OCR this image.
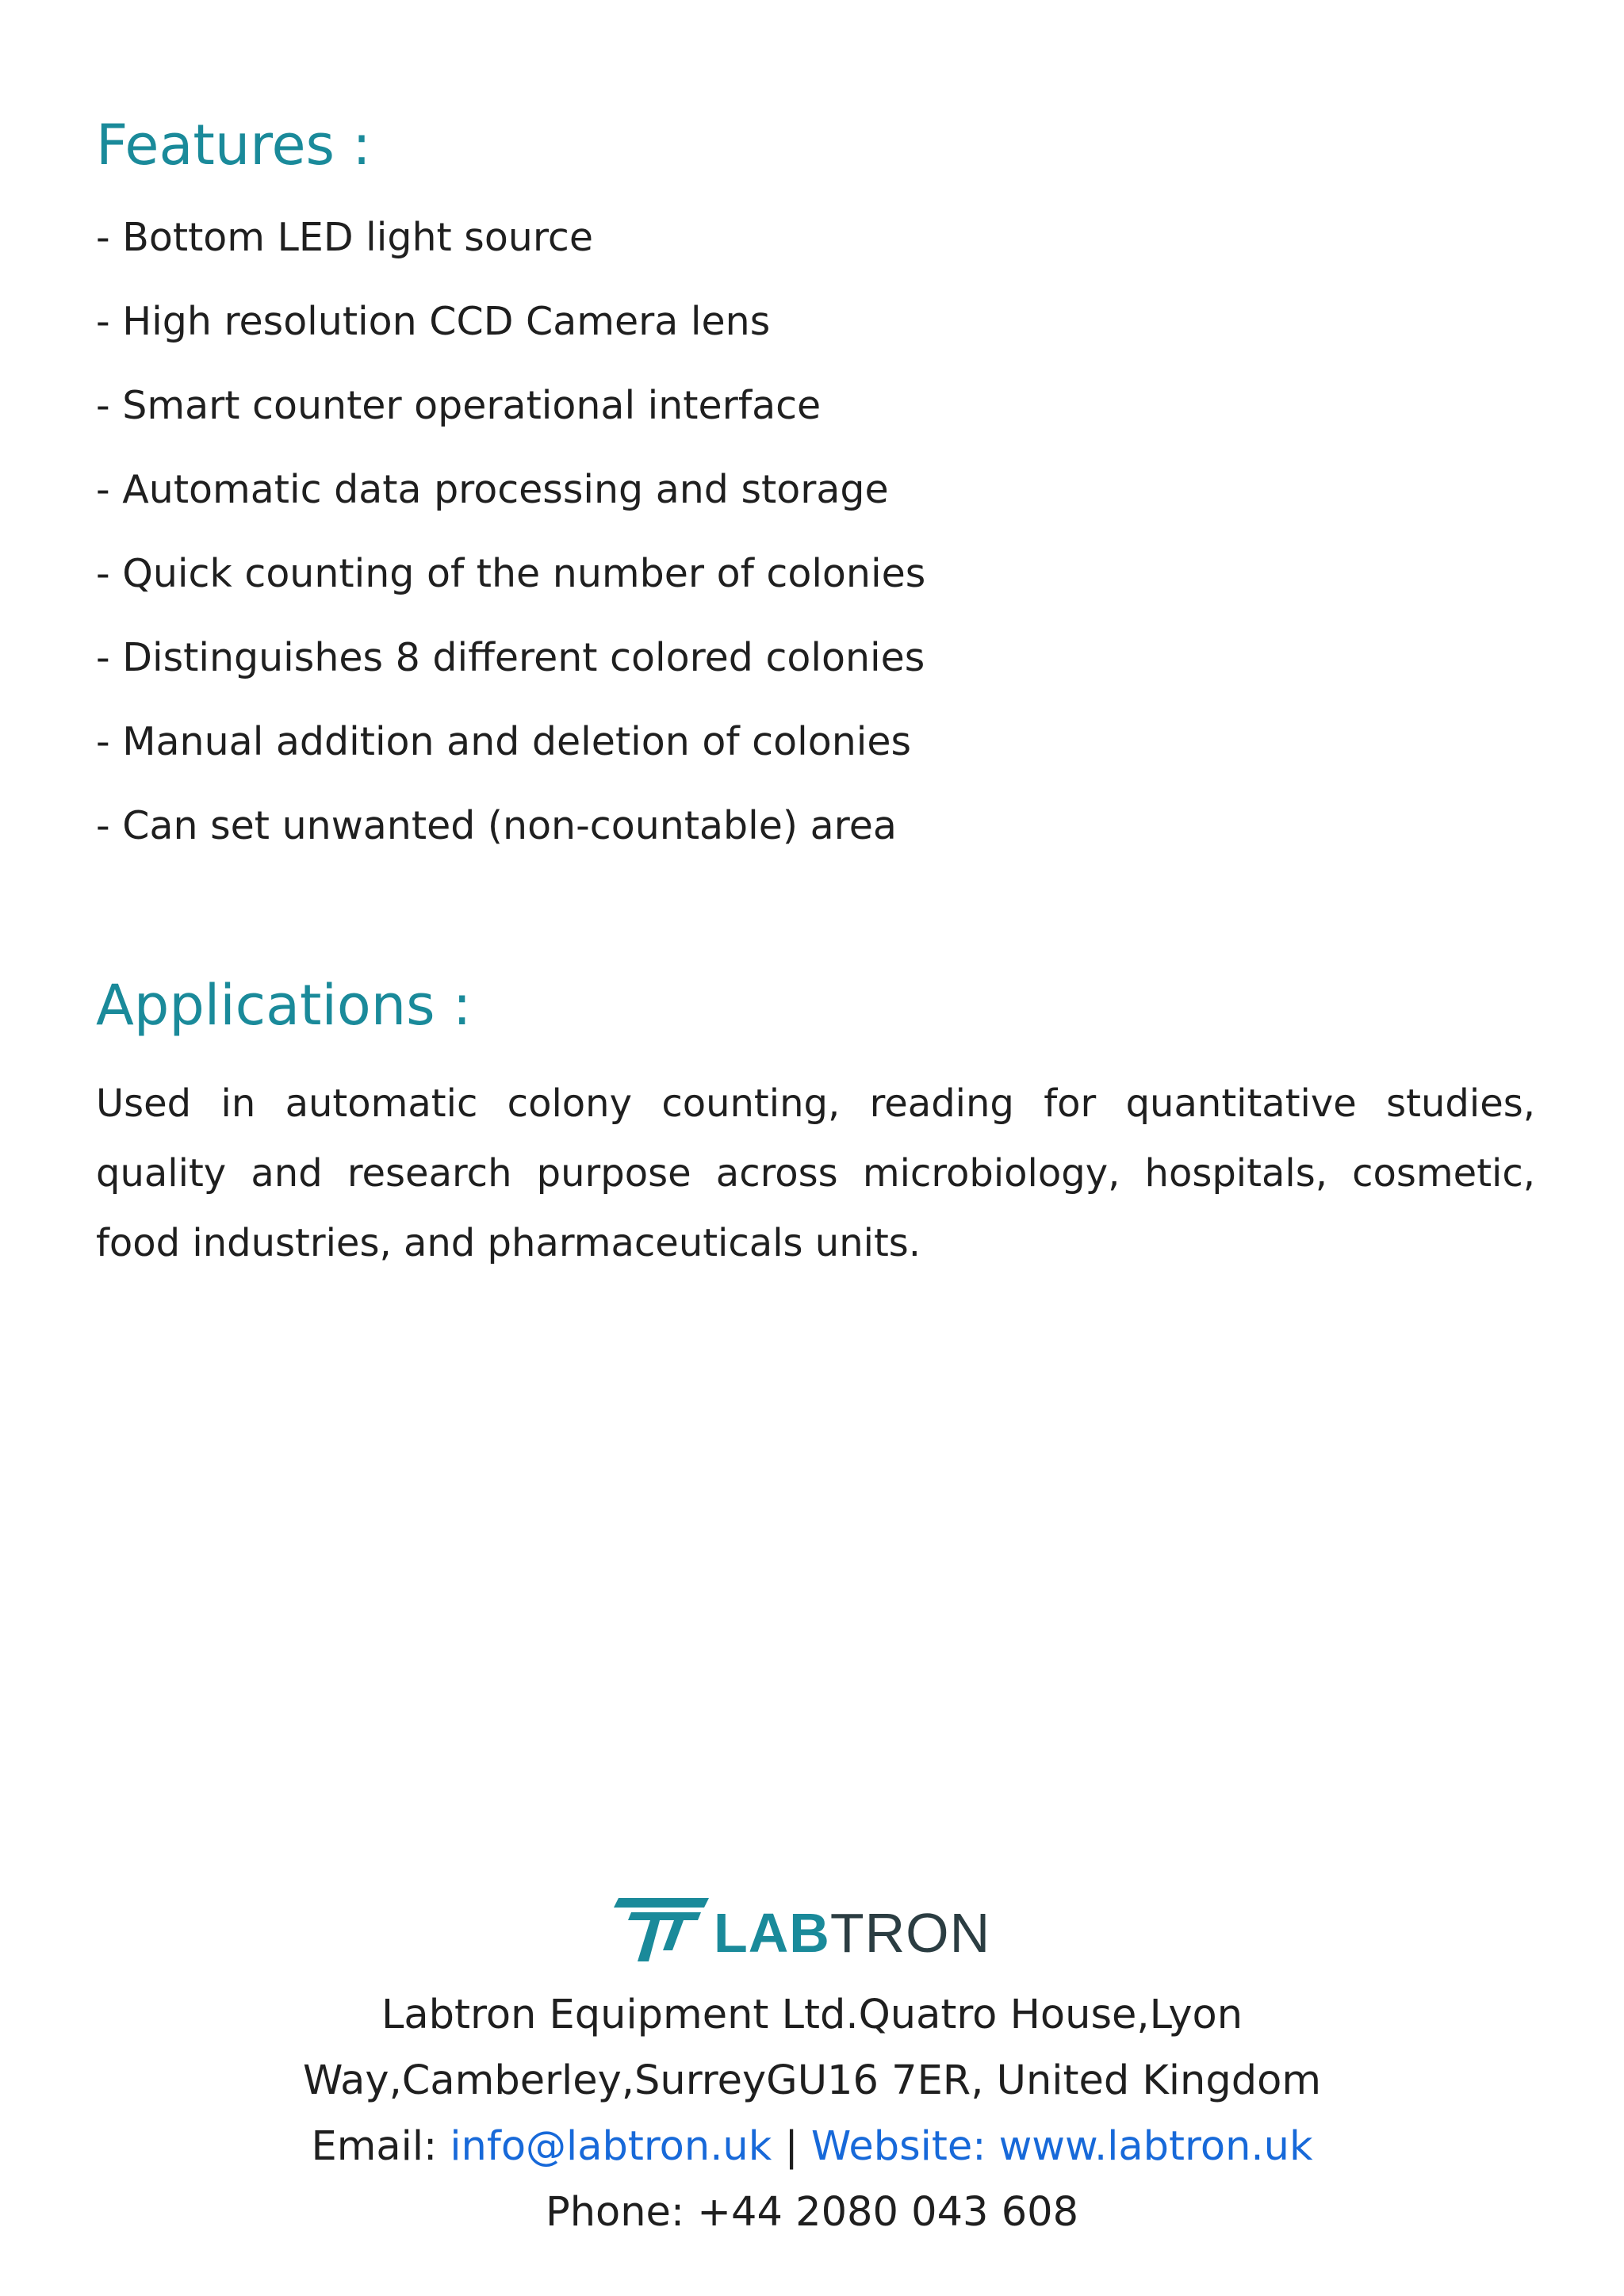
Features :
- Bottom LED light source
- High resolution CCD Camera lens
- Smart counter operational interface
- Automatic data processing and storage
- Quick counting of the number of colonies
- Distinguishes 8 different colored colonies
- Manual addition and deletion of colonies
- Can set unwanted (non-countable) area
Applications :

Used in automatic colony counting, reading for quantitative studies, quality and research purpose across microbiology, hospitals, cosmetic, food industries, and pharmaceuticals units.

LABTRON
Labtron Equipment Ltd.Quatro House,Lyon
Way,Camberley,SurreyGU16 7ER, United Kingdom
Email: info@labtron.uk | Website: www.labtron.uk
Phone: +44 2080 043 608
